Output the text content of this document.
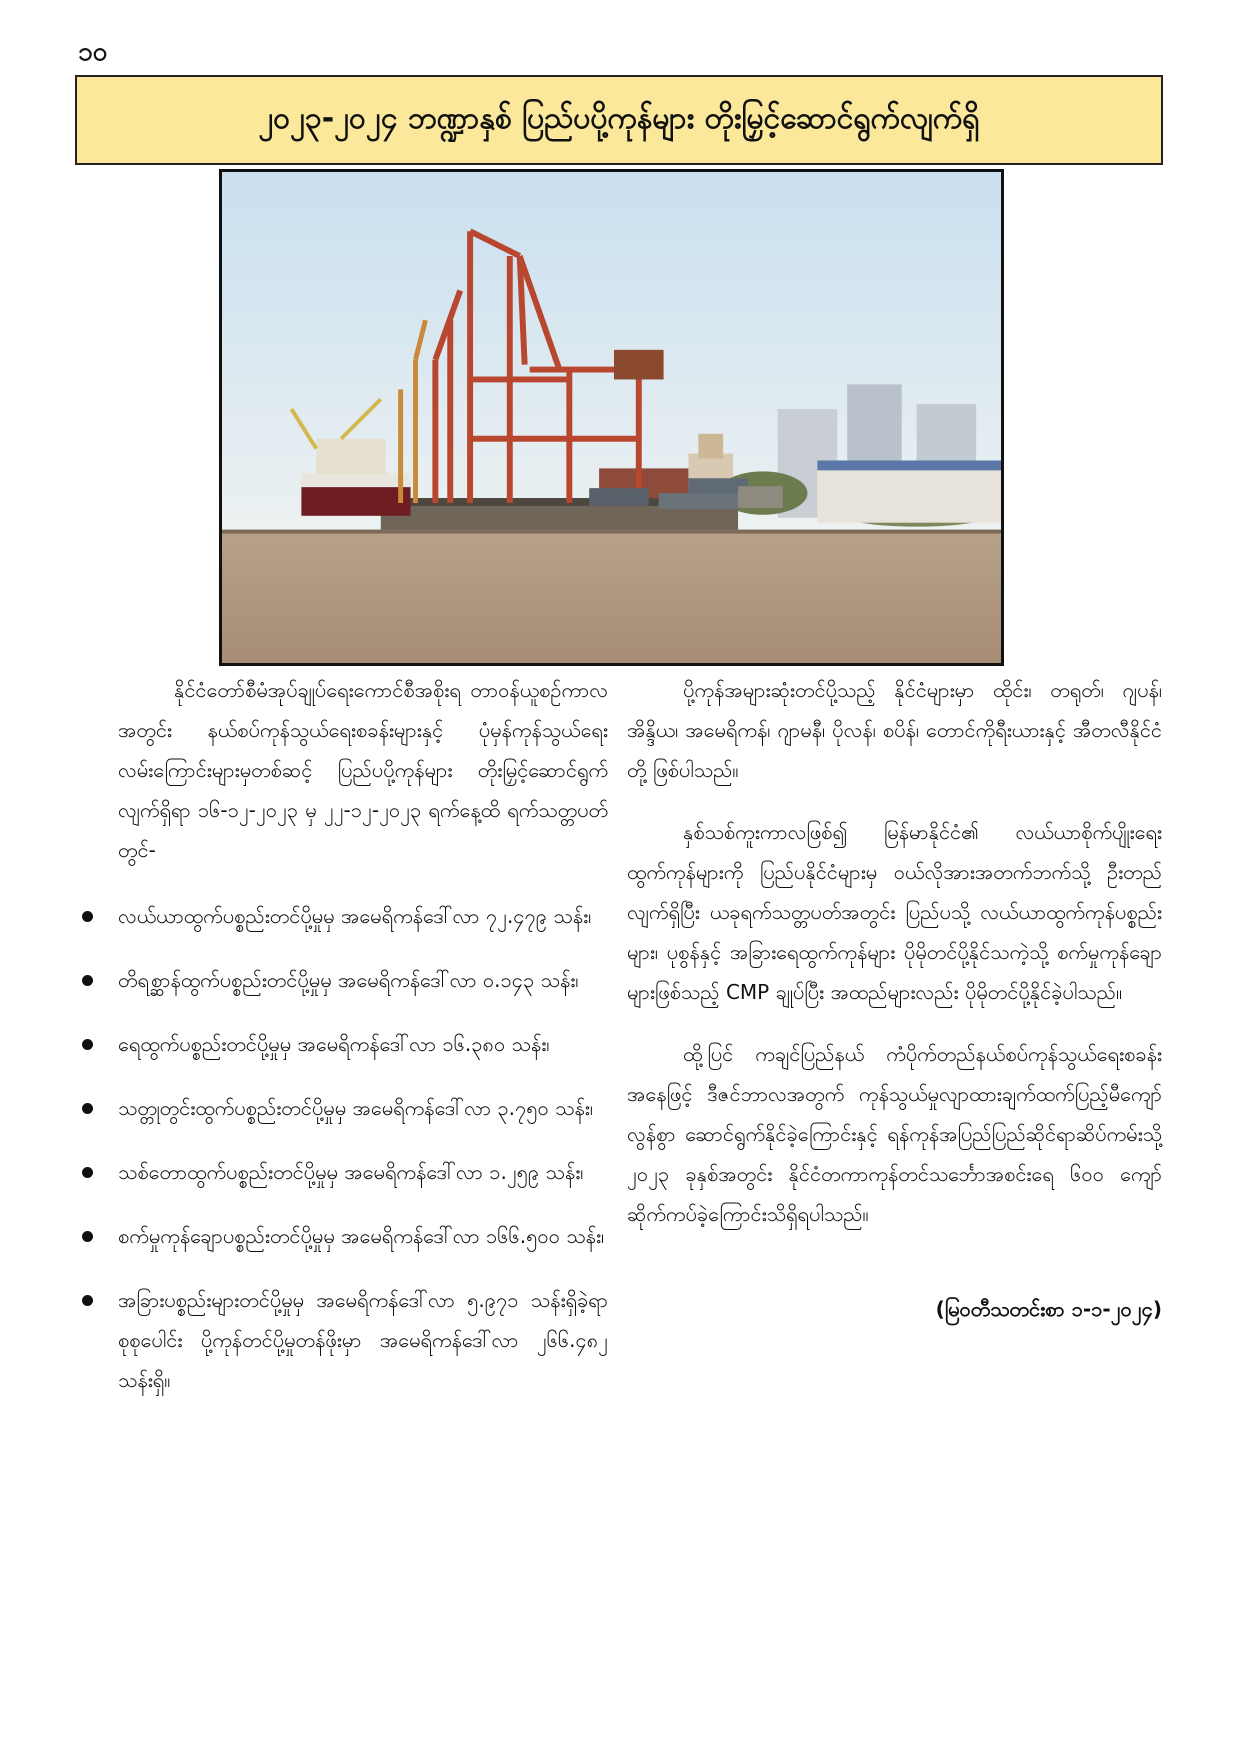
၁၀
၂၀၂၃-၂၀၂၄ ဘဏ္ဍာနှစ် ပြည်ပပို့ကုန်များ တိုးမြှင့်ဆောင်ရွက်လျက်ရှိ

နိုင်ငံတော်စီမံအုပ်ချုပ်ရေးကောင်စီအစိုးရ တာဝန်ယူစဉ်ကာလအတွင်း နယ်စပ်ကုန်သွယ်ရေးစခန်းများနှင့် ပုံမှန်ကုန်သွယ်ရေးလမ်းကြောင်းများမှတစ်ဆင့် ပြည်ပပို့ကုန်များ တိုးမြှင့်ဆောင်ရွက်လျက်ရှိရာ ၁၆-၁၂-၂၀၂၃ မှ ၂၂-၁၂-၂၀၂၃ ရက်နေ့ထိ ရက်သတ္တပတ်တွင်-

လယ်ယာထွက်ပစ္စည်းတင်ပို့မှုမှ အမေရိကန်ဒေါ်လာ ၇၂.၄၇၉ သန်း၊
တိရစ္ဆာန်ထွက်ပစ္စည်းတင်ပို့မှုမှ အမေရိကန်ဒေါ်လာ ၀.၁၄၃ သန်း၊
ရေထွက်ပစ္စည်းတင်ပို့မှုမှ အမေရိကန်ဒေါ်လာ ၁၆.၃၈၀ သန်း၊
သတ္တုတွင်းထွက်ပစ္စည်းတင်ပို့မှုမှ အမေရိကန်ဒေါ်လာ ၃.၇၅၀ သန်း၊
သစ်တောထွက်ပစ္စည်းတင်ပို့မှုမှ အမေရိကန်ဒေါ်လာ ၁.၂၅၉ သန်း၊
စက်မှုကုန်ချောပစ္စည်းတင်ပို့မှုမှ အမေရိကန်ဒေါ်လာ ၁၆၆.၅၀၀ သန်း၊
အခြားပစ္စည်းများတင်ပို့မှုမှ အမေရိကန်ဒေါ်လာ ၅.၉၇၁ သန်းရှိခဲ့ရာ စုစုပေါင်း ပို့ကုန်တင်ပို့မှုတန်ဖိုးမှာ အမေရိကန်ဒေါ်လာ ၂၆၆.၄၈၂ သန်းရှိ။

ပို့ကုန်အများဆုံးတင်ပို့သည့် နိုင်ငံများမှာ ထိုင်း၊ တရုတ်၊ ဂျပန်၊ အိန္ဒိယ၊ အမေရိကန်၊ ဂျာမနီ၊ ပိုလန်၊ စပိန်၊ တောင်ကိုရီးယားနှင့် အီတလီနိုင်ငံတို့ ဖြစ်ပါသည်။

နှစ်သစ်ကူးကာလဖြစ်၍ မြန်မာနိုင်ငံ၏ လယ်ယာစိုက်ပျိုးရေးထွက်ကုန်များကို ပြည်ပနိုင်ငံများမှ ဝယ်လိုအားအတက်ဘက်သို့ ဦးတည်လျက်ရှိပြီး ယခုရက်သတ္တပတ်အတွင်း ပြည်ပသို့ လယ်ယာထွက်ကုန်ပစ္စည်းများ၊ ပုစွန်နှင့် အခြားရေထွက်ကုန်များ ပိုမိုတင်ပို့နိုင်သကဲ့သို့ စက်မှုကုန်ချောများဖြစ်သည့် CMP ချုပ်ပြီး အထည်များလည်း ပိုမိုတင်ပို့နိုင်ခဲ့ပါသည်။

ထို့ပြင် ကချင်ပြည်နယ် ကံပိုက်တည်နယ်စပ်ကုန်သွယ်ရေးစခန်းအနေဖြင့် ဒီဇင်ဘာလအတွက် ကုန်သွယ်မှုလျာထားချက်ထက်ပြည့်မီကျော်လွန်စွာ ဆောင်ရွက်နိုင်ခဲ့ကြောင်းနှင့် ရန်ကုန်အပြည်ပြည်ဆိုင်ရာဆိပ်ကမ်းသို့ ၂၀၂၃ ခုနှစ်အတွင်း နိုင်ငံတကာကုန်တင်သင်္ဘောအစင်းရေ ၆၀၀ ကျော် ဆိုက်ကပ်ခဲ့ကြောင်းသိရှိရပါသည်။

(မြဝတီသတင်းစာ ၁-၁-၂၀၂၄)
